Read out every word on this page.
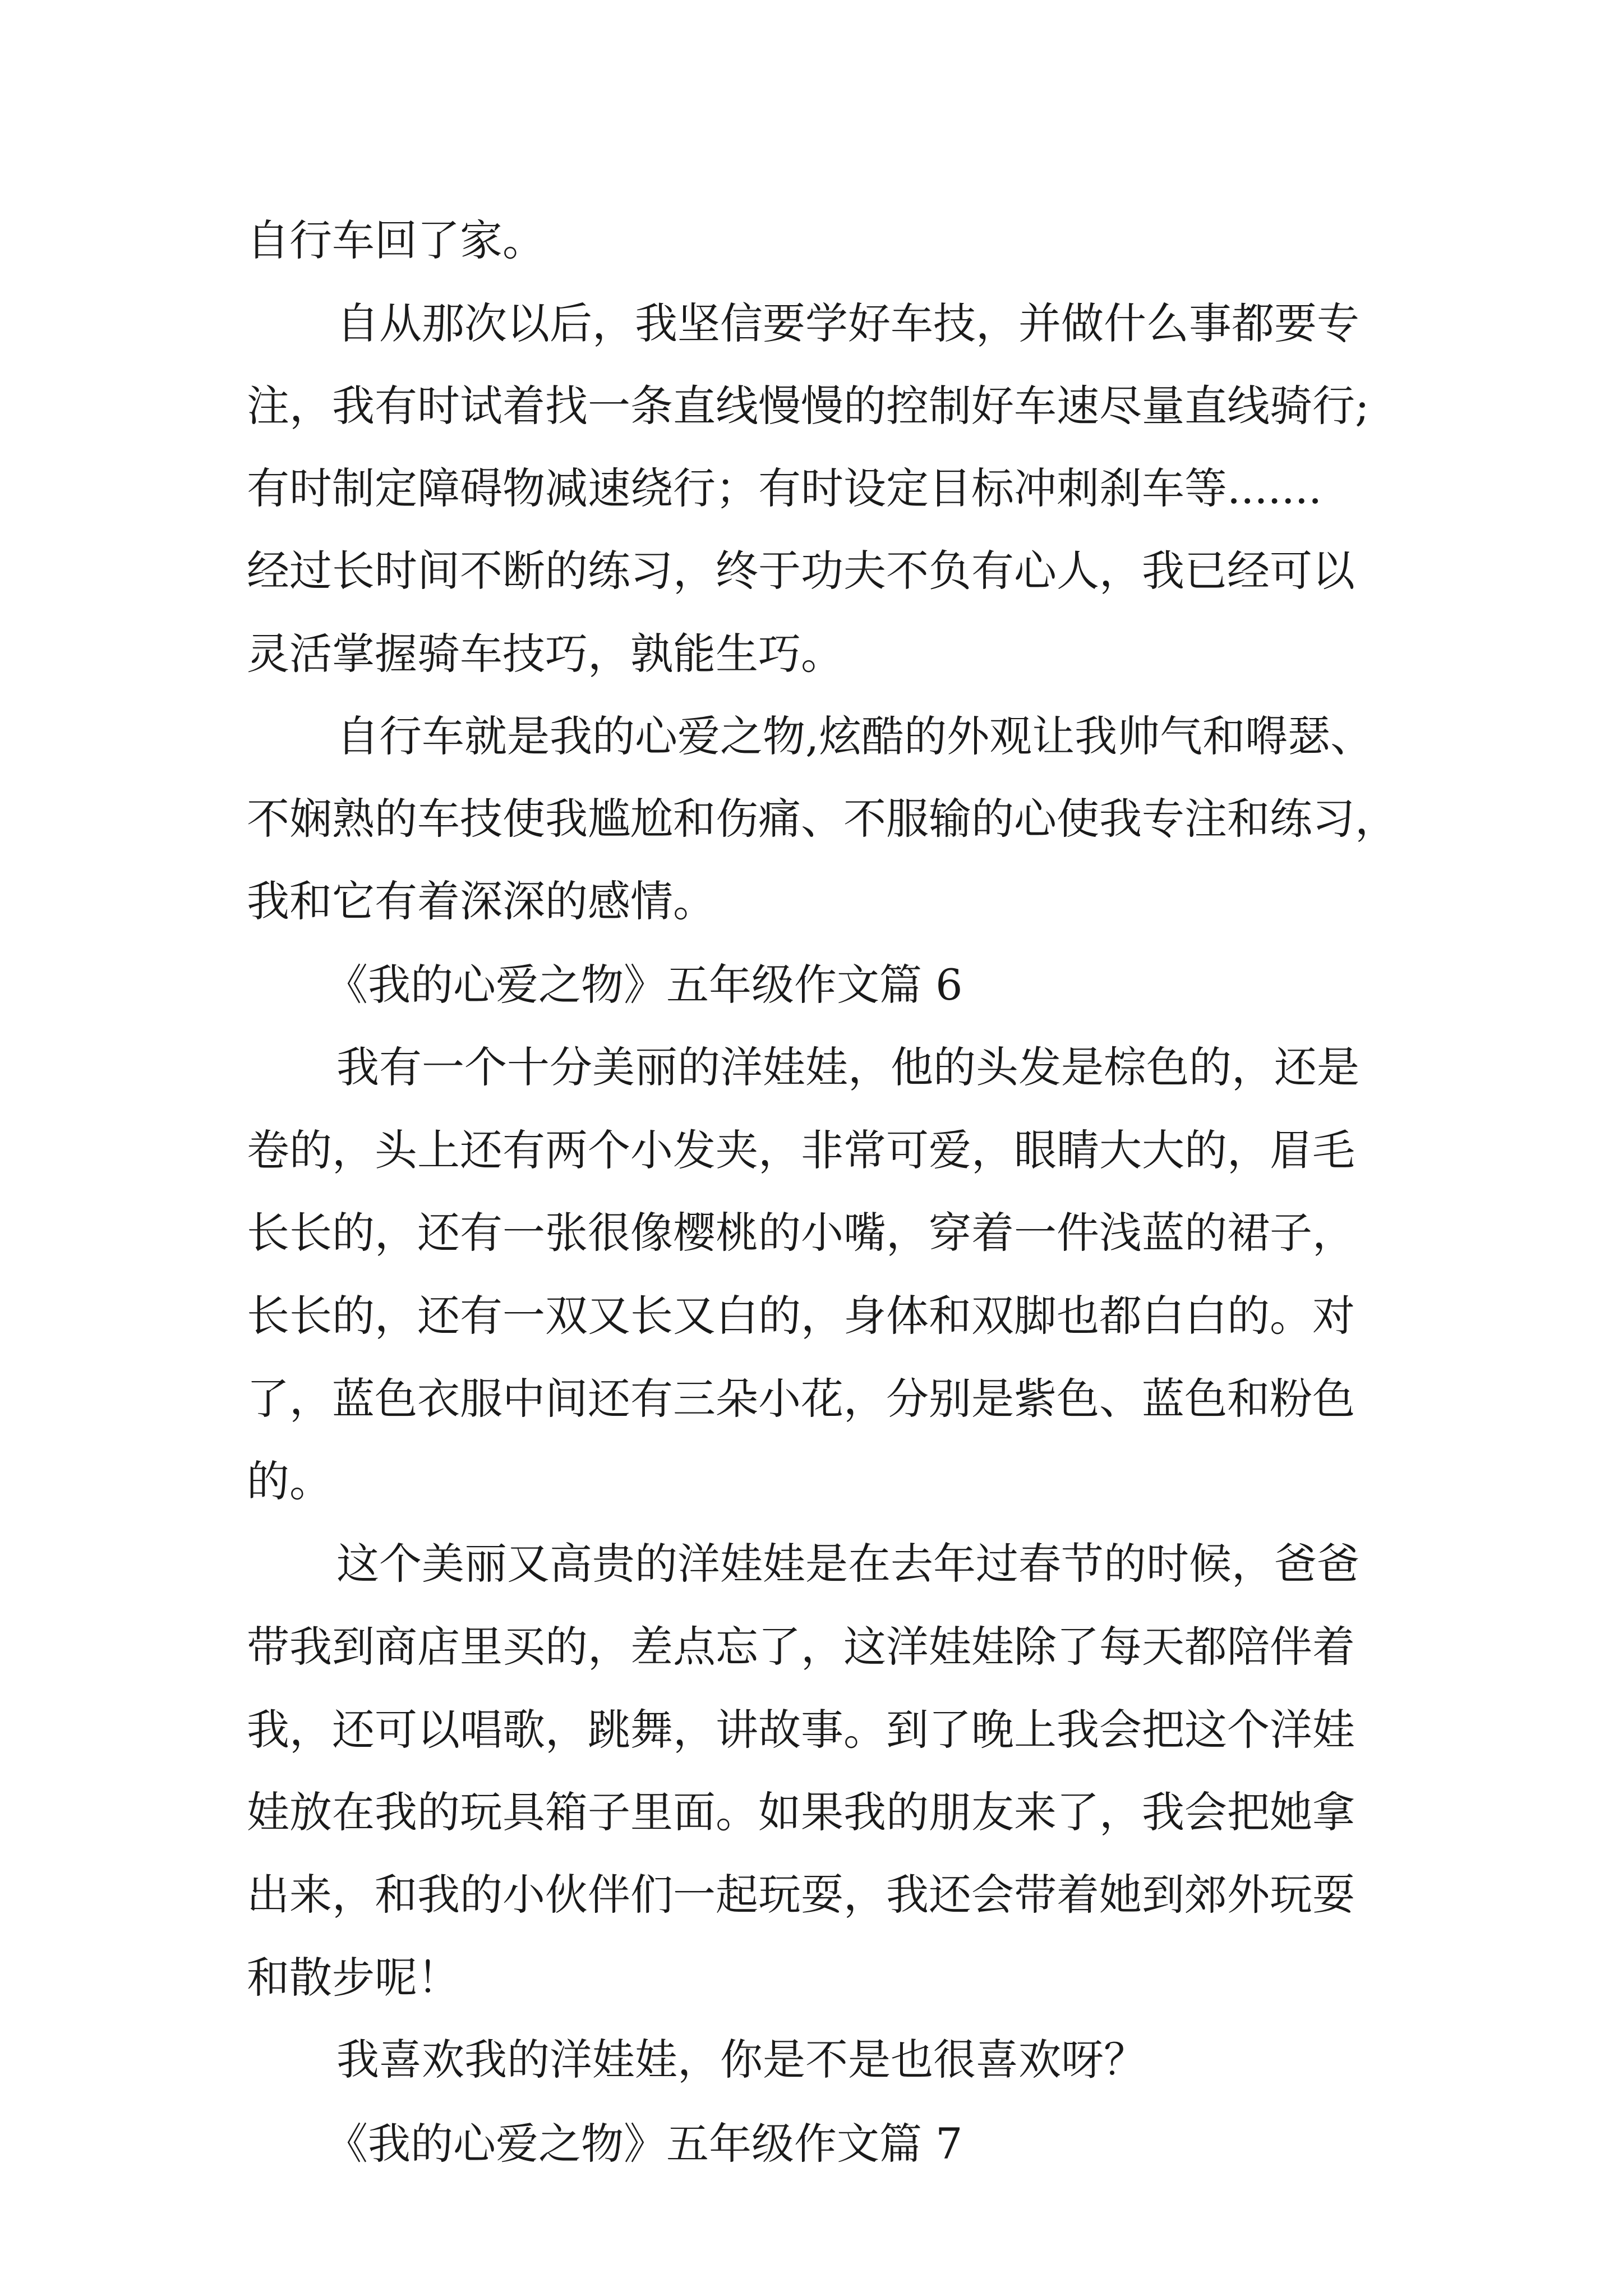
自行车回了家。
自从那次以后，我坚信要学好车技，并做什么事都要专
注，我有时试着找一条直线慢慢的控制好车速尽量直线骑行;
有时制定障碍物减速绕行；有时设定目标冲刺刹车等.......
经过长时间不断的练习，终于功夫不负有心人，我已经可以
灵活掌握骑车技巧，孰能生巧。
自行车就是我的心爱之物,炫酷的外观让我帅气和嘚瑟、
不娴熟的车技使我尴尬和伤痛、不服输的心使我专注和练习，
我和它有着深深的感情。
《我的心爱之物》五年级作文篇 6
我有一个十分美丽的洋娃娃，他的头发是棕色的，还是
卷的，头上还有两个小发夹，非常可爱，眼睛大大的，眉毛
长长的，还有一张很像樱桃的小嘴，穿着一件浅蓝的裙子，
长长的，还有一双又长又白的，身体和双脚也都白白的。对
了，蓝色衣服中间还有三朵小花，分别是紫色、蓝色和粉色
的。
这个美丽又高贵的洋娃娃是在去年过春节的时候，爸爸
带我到商店里买的，差点忘了，这洋娃娃除了每天都陪伴着
我，还可以唱歌，跳舞，讲故事。到了晚上我会把这个洋娃
娃放在我的玩具箱子里面。如果我的朋友来了，我会把她拿
出来，和我的小伙伴们一起玩耍，我还会带着她到郊外玩耍
和散步呢！
我喜欢我的洋娃娃，你是不是也很喜欢呀？
《我的心爱之物》五年级作文篇 7
